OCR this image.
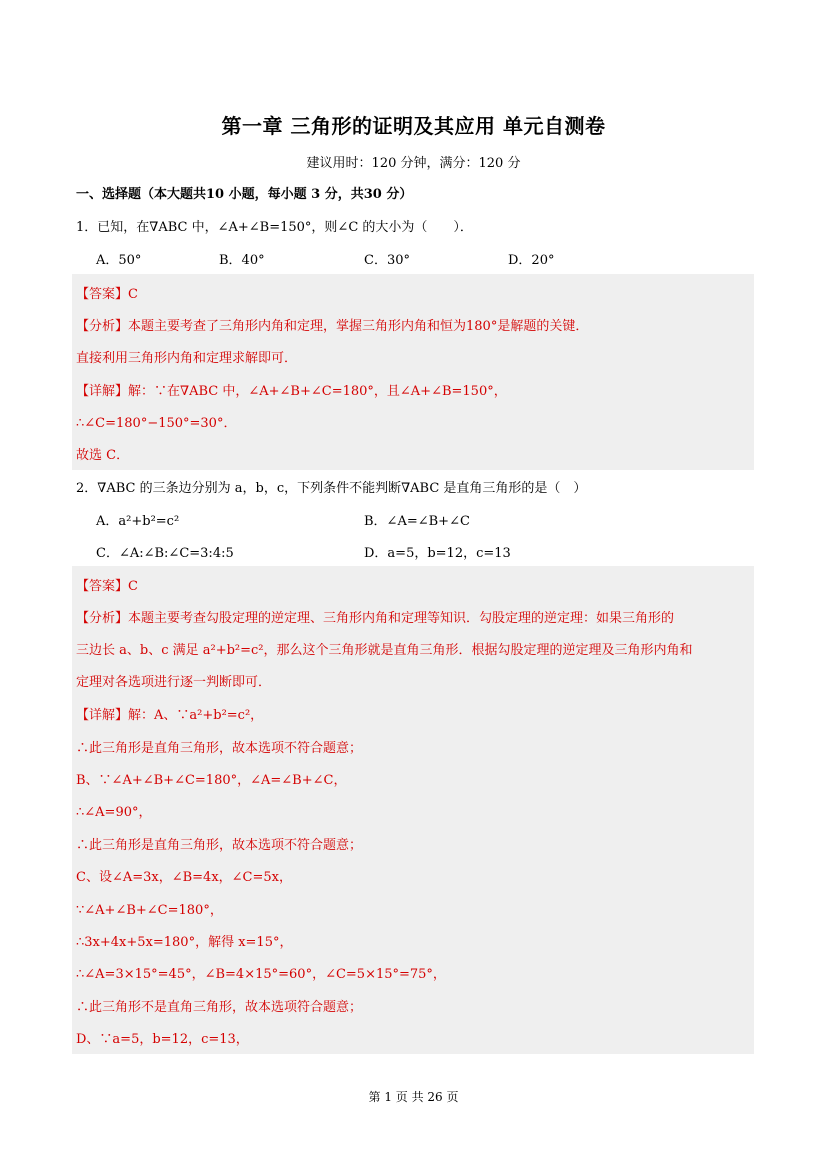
第一章 三角形的证明及其应用 单元自测卷
建议用时：120 分钟，满分：120 分
一、选择题（本大题共10 小题，每小题 3 分，共30 分）
1．已知，在∇ABC 中，∠A+∠B=150°，则∠C 的大小为（　　）．
A．50°	B．40°	C．30°	D．20°
【答案】C
【分析】本题主要考查了三角形内角和定理，掌握三角形内角和恒为180°是解题的关键．
直接利用三角形内角和定理求解即可．
【详解】解：∵在∇ABC 中，∠A+∠B+∠C=180°，且∠A+∠B=150°，
∴∠C=180°−150°=30°．
故选 C．
2．∇ABC 的三条边分别为 a，b，c，下列条件不能判断∇ABC 是直角三角形的是（　）
A．a²+b²=c²	B．∠A=∠B+∠C
C．∠A:∠B:∠C=3:4:5	D．a=5，b=12，c=13
【答案】C
【分析】本题主要考查勾股定理的逆定理、三角形内角和定理等知识．勾股定理的逆定理：如果三角形的
三边长 a、b、c 满足 a²+b²=c²，那么这个三角形就是直角三角形．根据勾股定理的逆定理及三角形内角和
定理对各选项进行逐一判断即可．
【详解】解：A、∵a²+b²=c²，
∴此三角形是直角三角形，故本选项不符合题意；
B、∵∠A+∠B+∠C=180°，∠A=∠B+∠C，
∴∠A=90°，
∴此三角形是直角三角形，故本选项不符合题意；
C、设∠A=3x，∠B=4x，∠C=5x，
∵∠A+∠B+∠C=180°，
∴3x+4x+5x=180°，解得 x=15°，
∴∠A=3×15°=45°，∠B=4×15°=60°，∠C=5×15°=75°，
∴此三角形不是直角三角形，故本选项符合题意；
D、∵a=5，b=12，c=13，
第 1 页 共 26 页
